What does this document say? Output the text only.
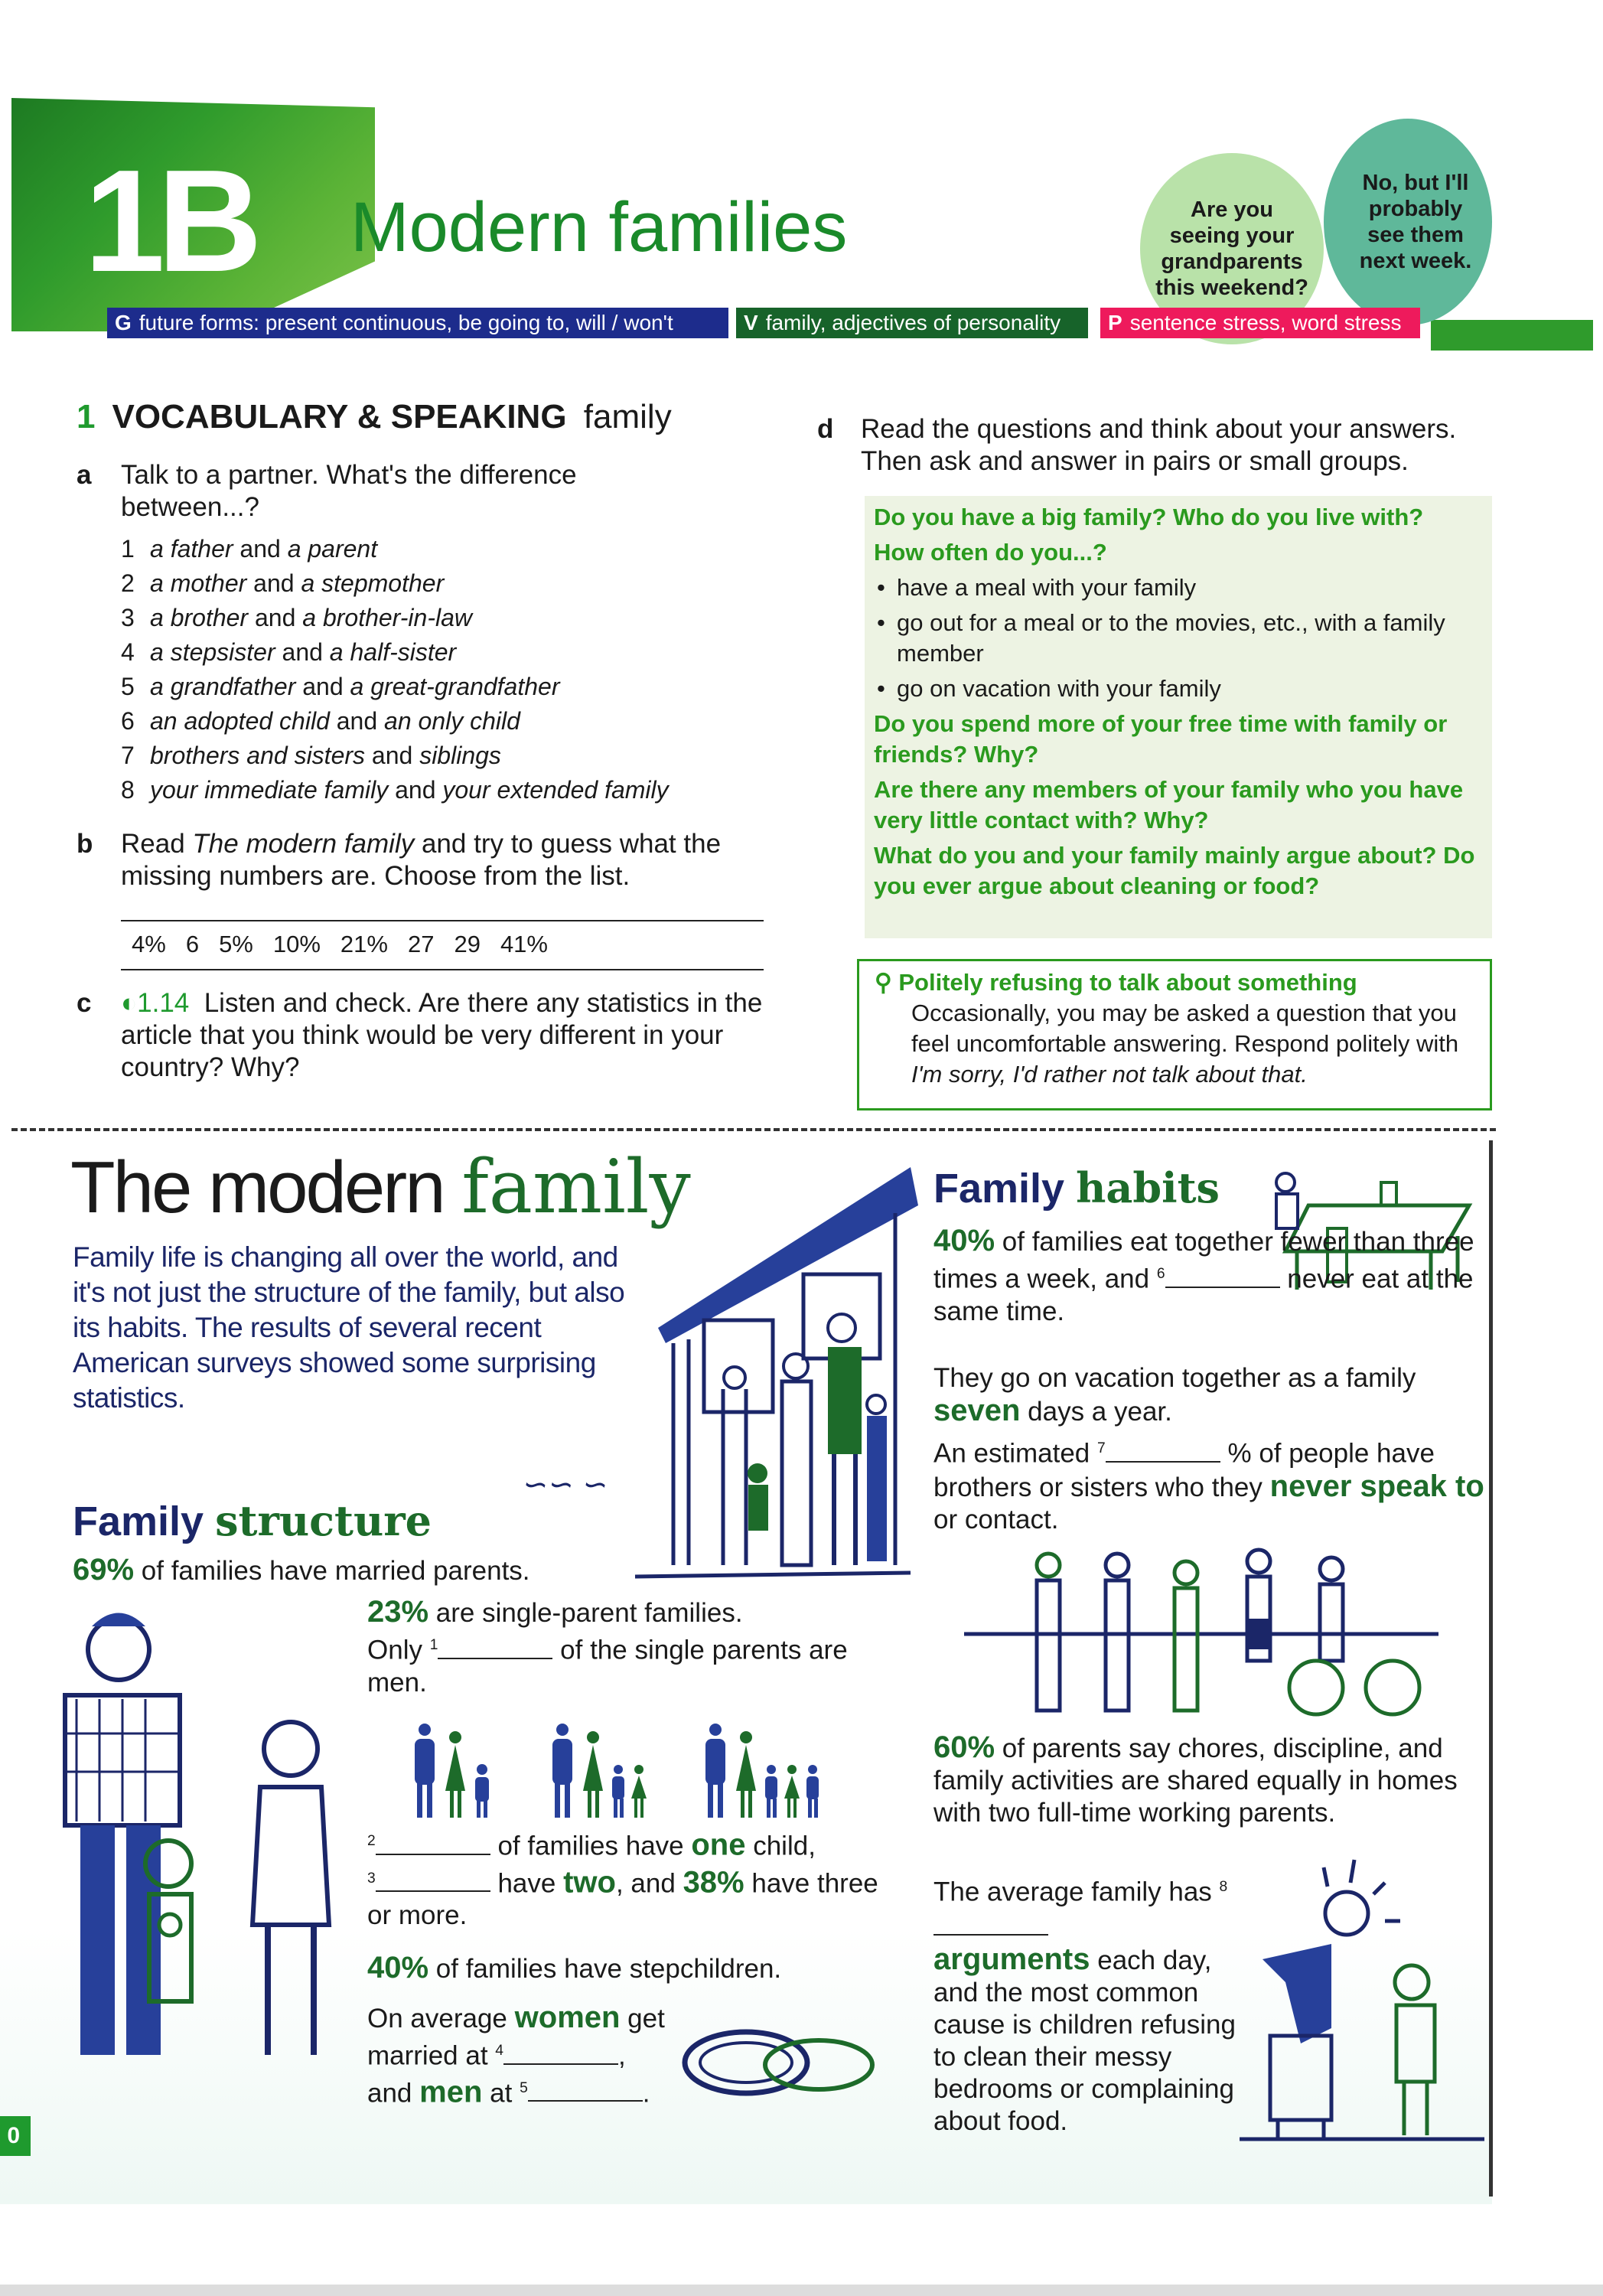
1B Modern families	Are you seeing your grandparents this weekend?
No, but I'll probably see them next week.
G future forms: present continuous, be going to, will / won't	V family, adjectives of personality	P sentence stress, word stress
1 VOCABULARY & SPEAKING family
a Talk to a partner. What's the difference between...?
1 a father and a parent
2 a mother and a stepmother
3 a brother and a brother-in-law
4 a stepsister and a half-sister
5 a grandfather and a great-grandfather
6 an adopted child and an only child
7 brothers and sisters and siblings
8 your immediate family and your extended family
b Read The modern family and try to guess what the missing numbers are. Choose from the list.
4% 6 5% 10% 21% 27 29 41%
c ◐1.14 Listen and check. Are there any statistics in the article that you think would be very different in your country? Why?
d Read the questions and think about your answers. Then ask and answer in pairs or small groups.
Do you have a big family? Who do you live with?
How often do you...?
• have a meal with your family
• go out for a meal or to the movies, etc., with a family member
• go on vacation with your family
Do you spend more of your free time with family or friends? Why?
Are there any members of your family who you have very little contact with? Why?
What do you and your family mainly argue about? Do you ever argue about cleaning or food?
⚲ Politely refusing to talk about something
Occasionally, you may be asked a question that you feel uncomfortable answering. Respond politely with I'm sorry, I'd rather not talk about that.
The modern family
Family life is changing all over the world, and it's not just the structure of the family, but also its habits. The results of several recent American surveys showed some surprising statistics.
∽∽ ∽
Family structure
69% of families have married parents.
23% are single-parent families.
Only $^1$	of the single parents are men.
$^2$	of families have one child,
$^3$	have two, and 38% have three or more.
40% of families have stepchildren.
On average women get married at $^4$	, and men at $^5$	.
Family habits
40% of families eat together fewer than three times a week, and $^6$	never eat at the same time.
They go on vacation together as a family seven days a year.
An estimated $^7$	% of people have brothers or sisters who they never speak to or contact.
60% of parents say chores, discipline, and family activities are shared equally in homes with two full-time working parents.
The average family has $^8$
arguments each day, and the most common cause is children refusing to clean their messy bedrooms or complaining about food.
0
